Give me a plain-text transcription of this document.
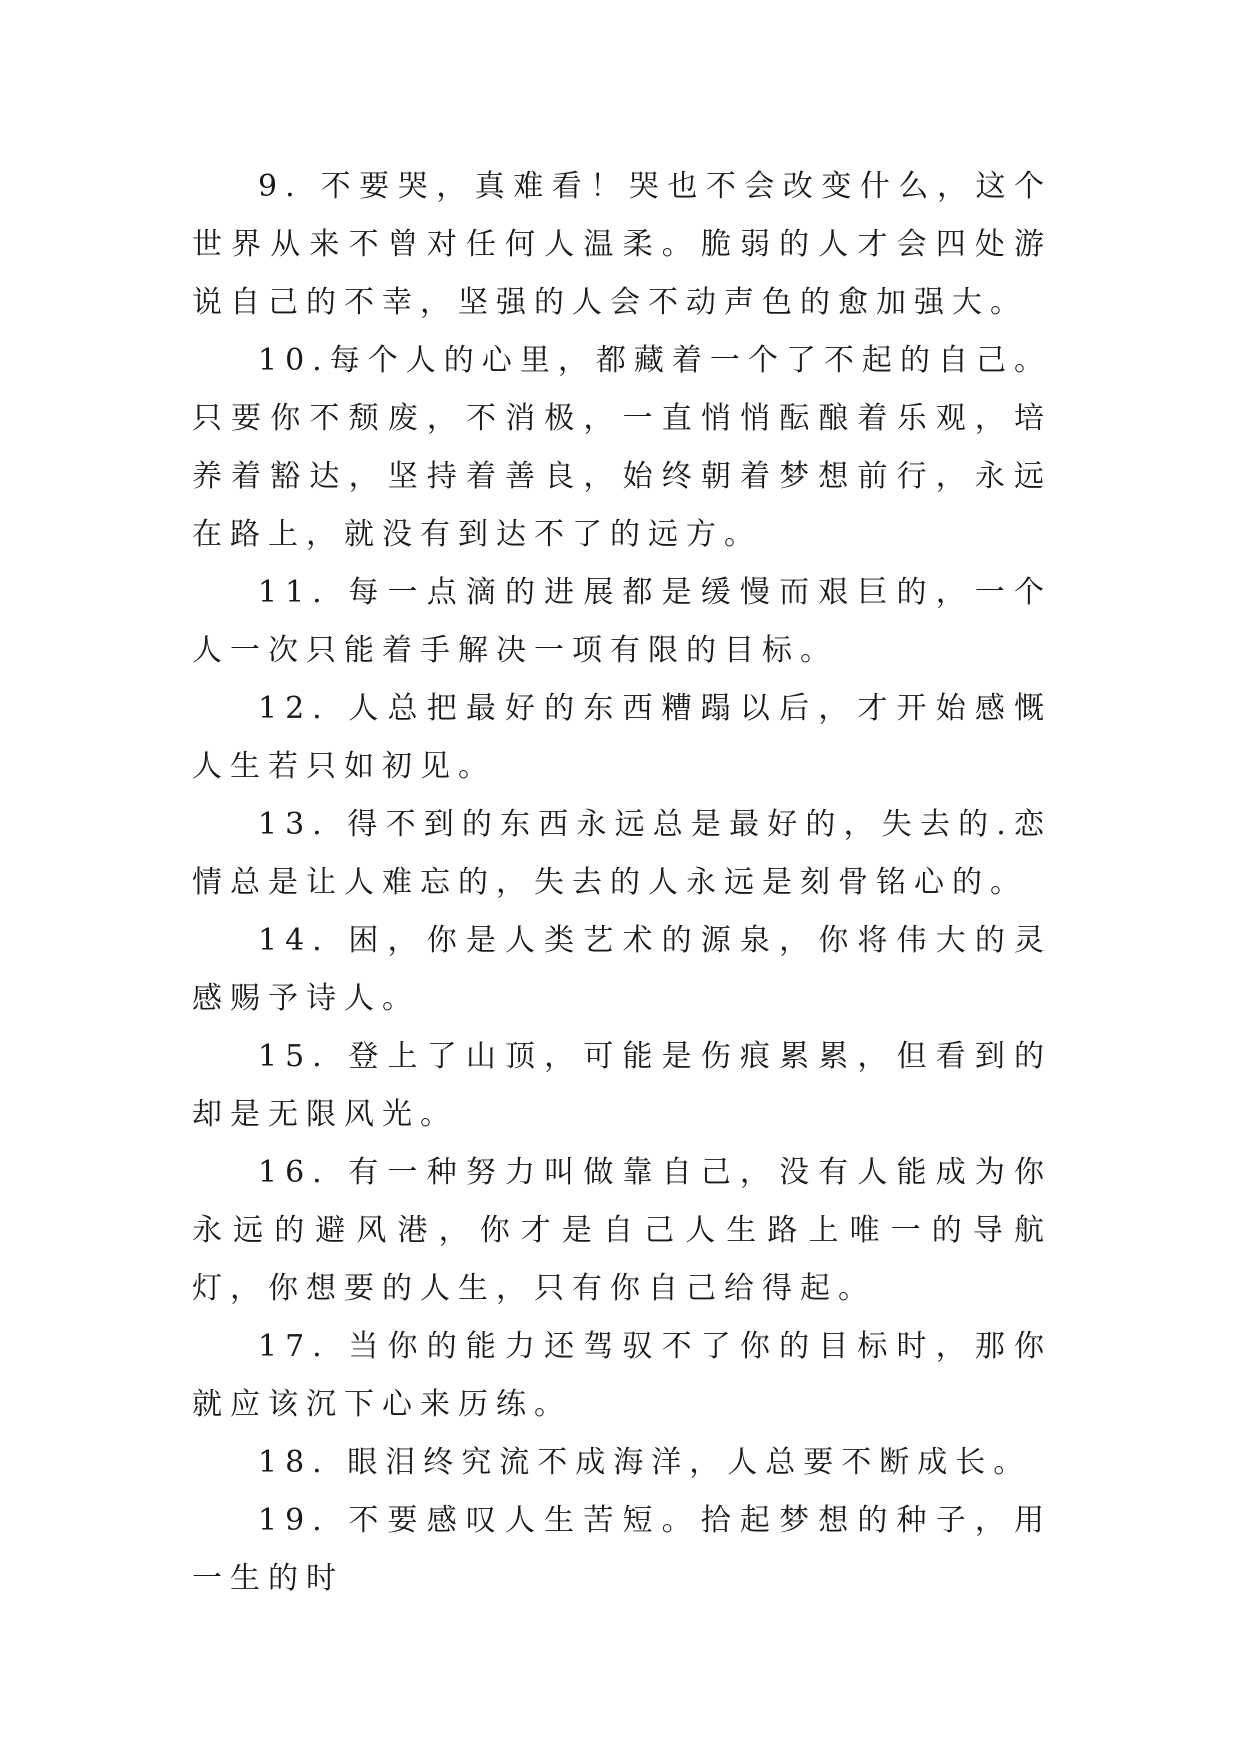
9. 不要哭，真难看！哭也不会改变什么，这个世界从来不曾对任何人温柔。脆弱的人才会四处游说自己的不幸，坚强的人会不动声色的愈加强大。

10.每个人的心里，都藏着一个了不起的自己。只要你不颓废，不消极，一直悄悄酝酿着乐观，培养着豁达，坚持着善良，始终朝着梦想前行，永远在路上，就没有到达不了的远方。

11. 每一点滴的进展都是缓慢而艰巨的，一个人一次只能着手解决一项有限的目标。

12. 人总把最好的东西糟蹋以后，才开始感慨人生若只如初见。

13. 得不到的东西永远总是最好的，失去的.恋情总是让人难忘的，失去的人永远是刻骨铭心的。

14. 困，你是人类艺术的源泉，你将伟大的灵感赐予诗人。

15. 登上了山顶，可能是伤痕累累，但看到的却是无限风光。

16. 有一种努力叫做靠自己，没有人能成为你永远的避风港，你才是自己人生路上唯一的导航灯，你想要的人生，只有你自己给得起。

17. 当你的能力还驾驭不了你的目标时，那你就应该沉下心来历练。

18. 眼泪终究流不成海洋，人总要不断成长。

19. 不要感叹人生苦短。拾起梦想的种子，用一生的时
